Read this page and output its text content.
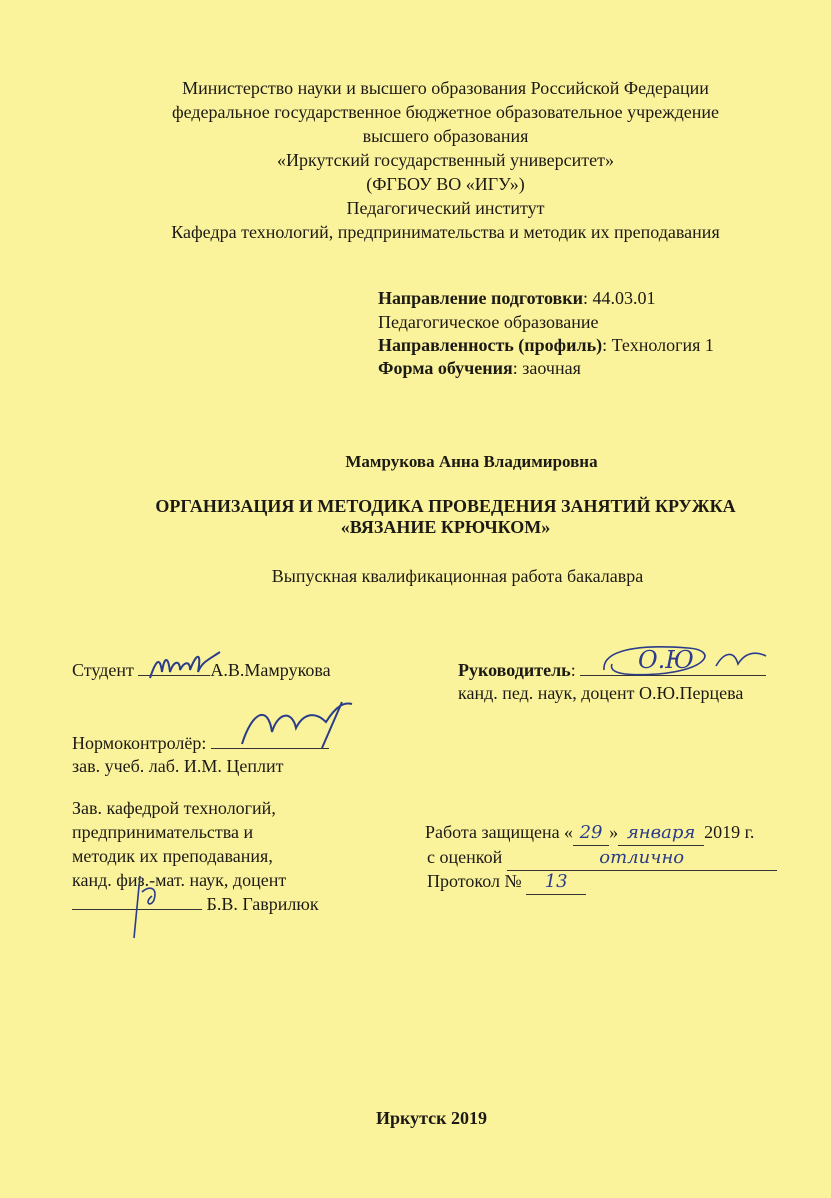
Министерство науки и высшего образования Российской Федерации
федеральное государственное бюджетное образовательное учреждение
высшего образования
«Иркутский государственный университет»
(ФГБОУ ВО «ИГУ»)
Педагогический институт
Кафедра технологий, предпринимательства и методик их преподавания
Направление подготовки: 44.03.01
Педагогическое образование
Направленность (профиль): Технология 1
Форма обучения: заочная
Мамрукова Анна Владимировна
ОРГАНИЗАЦИЯ И МЕТОДИКА ПРОВЕДЕНИЯ ЗАНЯТИЙ КРУЖКА
«ВЯЗАНИЕ КРЮЧКОМ»
Выпускная квалификационная работа бакалавра
Студент	А.В.Мамрукова	Руководитель:	О.Ю
канд. пед. наук, доцент О.Ю.Перцева
Нормоконтролёр:
зав. учеб. лаб. И.М. Цеплит
Зав. кафедрой технологий,
предпринимательства и
методик их преподавания,
канд. физ.-мат. наук, доцент
Б.В. Гаврилюк
Работа защищена « 29 » января 2019 г.
с оценкой	отлично
Протокол № 13
Иркутск 2019
